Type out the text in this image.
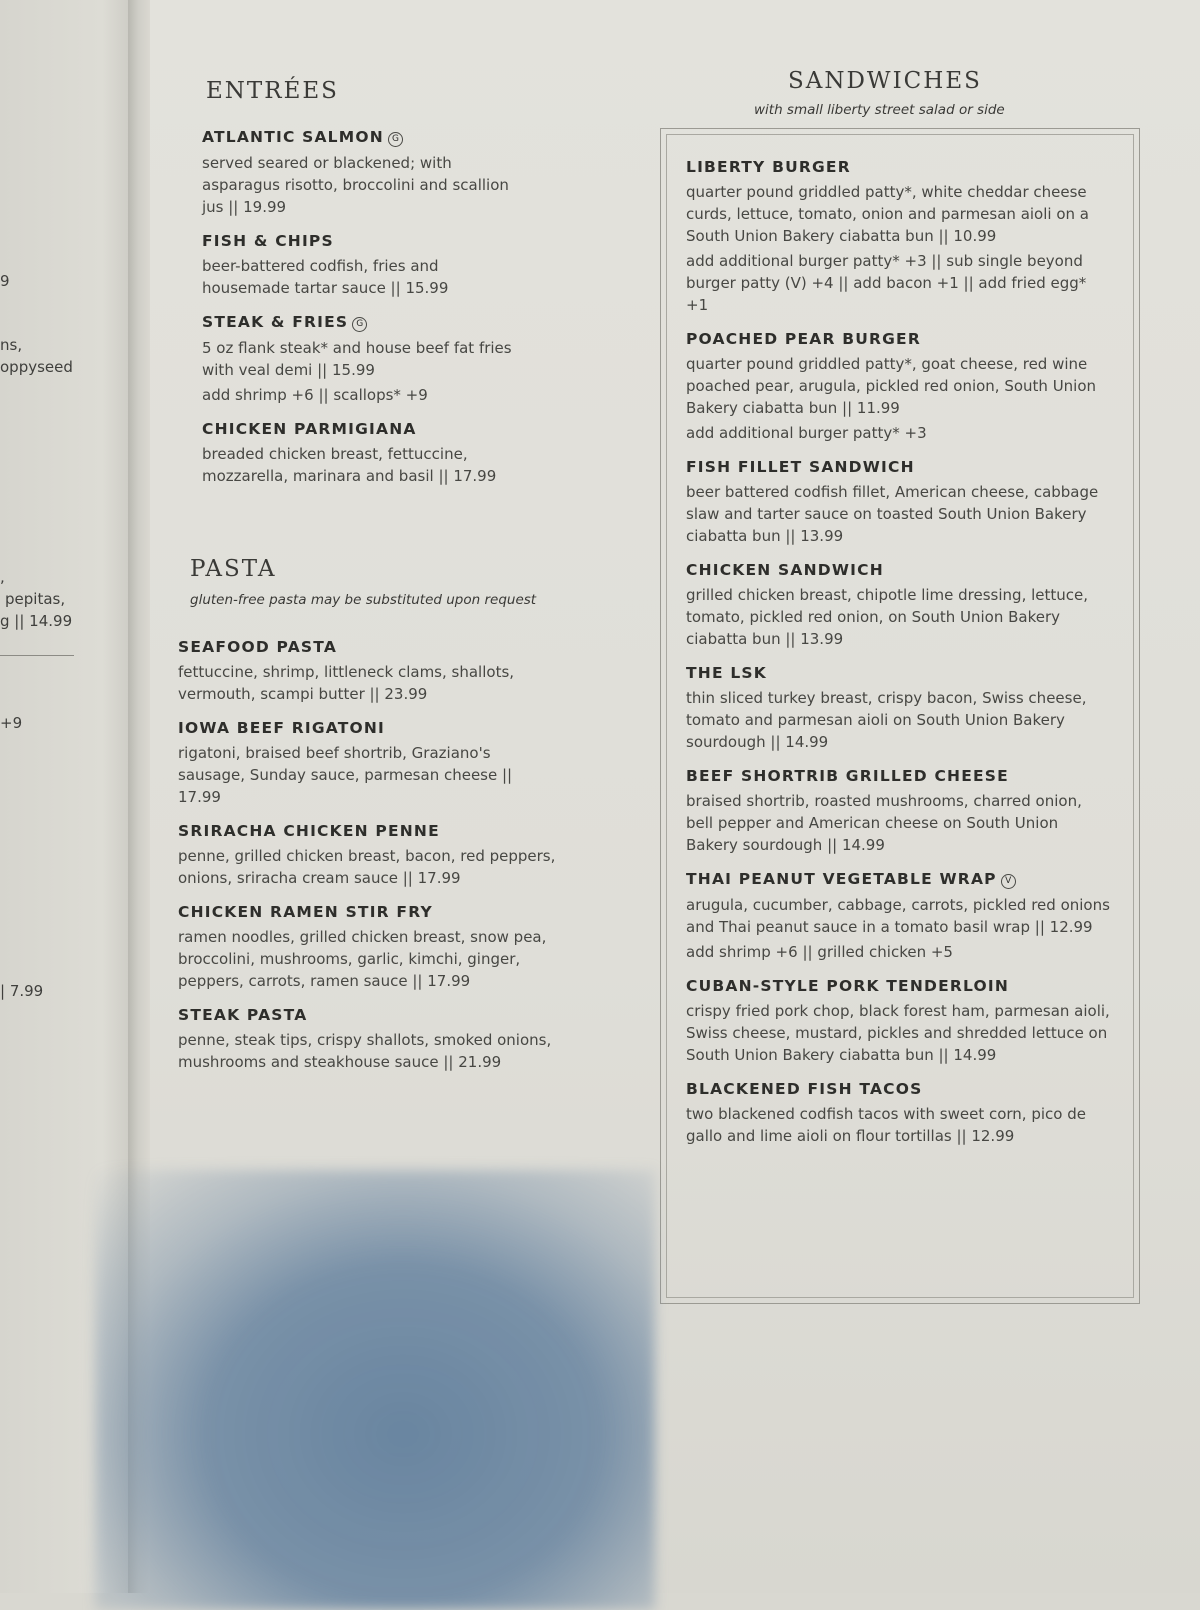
9
ns,
oppyseed
,
pepitas,
g || 14.99
+9
| 7.99
ENTRÉES
ATLANTIC SALMON G
served seared or blackened; with asparagus risotto, broccolini and scallion jus || 19.99
FISH & CHIPS
beer-battered codfish, fries and housemade tartar sauce || 15.99
STEAK & FRIES G
5 oz flank steak* and house beef fat fries with veal demi || 15.99
add shrimp +6 || scallops* +9
CHICKEN PARMIGIANA
breaded chicken breast, fettuccine, mozzarella, marinara and basil || 17.99
PASTA
gluten-free pasta may be substituted upon request
SEAFOOD PASTA
fettuccine, shrimp, littleneck clams, shallots, vermouth, scampi butter || 23.99
IOWA BEEF RIGATONI
rigatoni, braised beef shortrib, Graziano's sausage, Sunday sauce, parmesan cheese || 17.99
SRIRACHA CHICKEN PENNE
penne, grilled chicken breast, bacon, red peppers, onions, sriracha cream sauce || 17.99
CHICKEN RAMEN STIR FRY
ramen noodles, grilled chicken breast, snow pea, broccolini, mushrooms, garlic, kimchi, ginger, peppers, carrots, ramen sauce || 17.99
STEAK PASTA
penne, steak tips, crispy shallots, smoked onions, mushrooms and steakhouse sauce || 21.99
SANDWICHES
with small liberty street salad or side
LIBERTY BURGER
quarter pound griddled patty*, white cheddar cheese curds, lettuce, tomato, onion and parmesan aioli on a South Union Bakery ciabatta bun || 10.99
add additional burger patty* +3 || sub single beyond burger patty (V) +4 || add bacon +1 || add fried egg* +1
POACHED PEAR BURGER
quarter pound griddled patty*, goat cheese, red wine poached pear, arugula, pickled red onion, South Union Bakery ciabatta bun || 11.99
add additional burger patty* +3
FISH FILLET SANDWICH
beer battered codfish fillet, American cheese, cabbage slaw and tarter sauce on toasted South Union Bakery ciabatta bun || 13.99
CHICKEN SANDWICH
grilled chicken breast, chipotle lime dressing, lettuce, tomato, pickled red onion, on South Union Bakery ciabatta bun || 13.99
THE LSK
thin sliced turkey breast, crispy bacon, Swiss cheese, tomato and parmesan aioli on South Union Bakery sourdough || 14.99
BEEF SHORTRIB GRILLED CHEESE
braised shortrib, roasted mushrooms, charred onion, bell pepper and American cheese on South Union Bakery sourdough || 14.99
THAI PEANUT VEGETABLE WRAP V
arugula, cucumber, cabbage, carrots, pickled red onions and Thai peanut sauce in a tomato basil wrap || 12.99
add shrimp +6 || grilled chicken +5
CUBAN-STYLE PORK TENDERLOIN
crispy fried pork chop, black forest ham, parmesan aioli, Swiss cheese, mustard, pickles and shredded lettuce on South Union Bakery ciabatta bun || 14.99
BLACKENED FISH TACOS
two blackened codfish tacos with sweet corn, pico de gallo and lime aioli on flour tortillas || 12.99
